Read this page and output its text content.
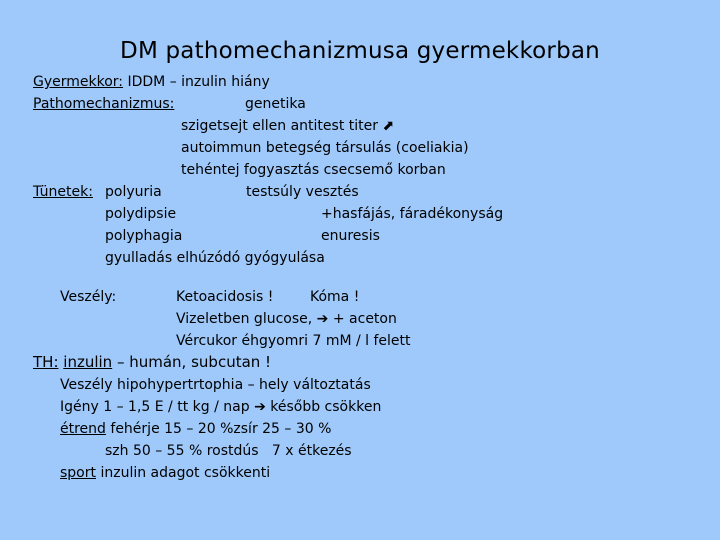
DM pathomechanizmusa gyermekkorban
Gyermekkor: IDDM – inzulin hiány
Pathomechanizmus:	genetika
szigetsejt ellen antitest titer ⬈
autoimmun betegség társulás (coeliakia)
tehéntej fogyasztás csecsemő korban
Tünetek: polyuria	testsúly vesztés
polydipsie	+hasfájás, fáradékonyság
polyphagia	enuresis
gyulladás elhúzódó gyógyulása
Veszély:	Ketoacidosis !	Kóma !
Vizeletben glucose, ➔ + aceton
Vércukor éhgyomri 7 mM / l felett
TH: inzulin – humán, subcutan !
Veszély hipohypertrtophia – hely változtatás
Igény 1 – 1,5 E / tt kg / nap ➔ később csökken
étrend fehérje 15 – 20 %zsír 25 – 30 %
szh 50 – 55 % rostdús   7 x étkezés
sport inzulin adagot csökkenti
